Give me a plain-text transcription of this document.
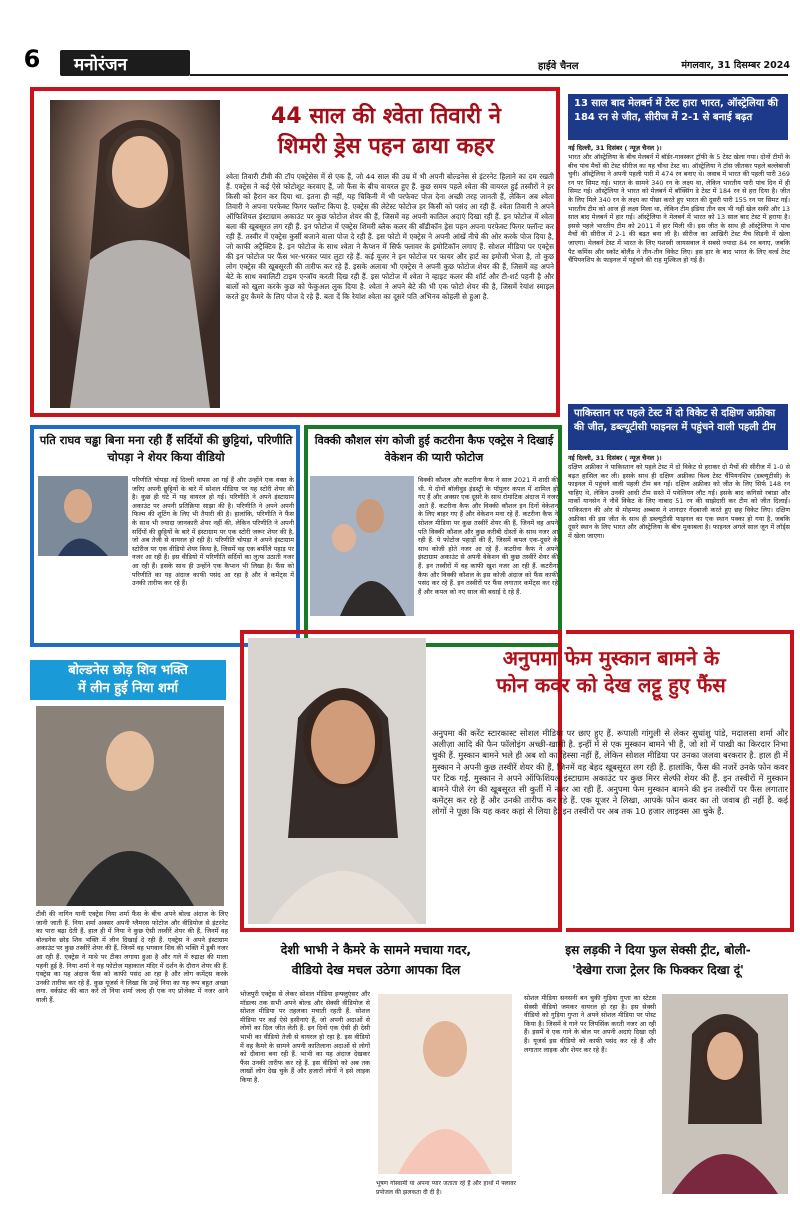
6	मनोरंजन	हाईवे चैनल	मंगलवार, 31 दिसम्बर 2024
44 साल की श्वेता तिवारी ने
शिमरी ड्रेस पहन ढाया कहर
श्वेता तिवारी टीवी की टॉप एक्ट्रेसेस में से एक हैं, जो 44 साल की उम्र में भी अपनी बोल्डनेस से इंटरनेट हिलाने का दम रखती हैं. एक्ट्रेस ने कई ऐसे फोटोशूट करवाए हैं, जो फैंस के बीच वायरल हुए हैं. कुछ समय पहले श्वेता की वायरल हुई तस्वीरों ने हर किसी को हैरान कर दिया था. इतना ही नहीं, यह चिकिनी में भी परफेक्ट पोज देना अच्छी तरह जानती हैं, लेकिन अब श्वेता तिवारी ने अपना परफेक्ट फिगर फ्लॉन्ट किया है. एक्ट्रेस की लेटेस्ट फोटोज हर किसी को पसंद आ रही हैं. श्वेता तिवारी ने अपने ऑफिशियल इंस्टाग्राम अकाउंट पर कुछ फोटोज शेयर की हैं, जिसमें वह अपनी कातिल अदाएं दिखा रही हैं. इन फोटोज में श्वेता बला की खूबसूरत लग रही हैं. इन फोटोज में एक्ट्रेस शिमरी ब्लैक कलर की बॉडीकॉन ड्रेस पहन अपना परफेक्ट फिगर फ्लॉन्ट कर रही हैं. तस्वीर में एक्ट्रेस कुर्सी बजाने वाला पोज दे रही हैं. इस फोटो में एक्ट्रेस ने अपनी आंखें नीचे की ओर करके पोज दिया है, जो काफी अट्रैक्टिव है. इन फोटोज के साथ श्वेता ने कैप्शन में सिर्फ फ्लावर के इमोटिकॉन लगाए हैं. सोशल मीडिया पर एक्ट्रेस की इन फोटोज पर फैंस भर-भरकर प्यार लुटा रहे हैं. कई यूजर ने इन फोटोज पर फायर और हार्ट का इमोजी भेजा है, तो कुछ लोग एक्ट्रेस की खूबसूरती की तारीफ कर रहे हैं. इसके अलावा भी एक्ट्रेस ने अपनी कुछ फोटोज शेयर की हैं, जिसमें वह अपने बेटे के साथ क्वालिटी टाइम एन्जॉय करती दिख रही हैं. इस फोटोज में श्वेता ने व्हाइट कलर की शॉर्ट और टी-शर्ट पहनी है और बालों को खुला करके कुछ को फेकुअल लुक दिया है. श्वेता ने अपने बेटे की भी एक फोटो शेयर की है, जिसमें रेयांश स्माइल करते हुए कैमरे के लिए पोज दे रहे हैं. बता दें कि रेयांश श्वेता का दूसरे पति अभिनव कोहली से हुआ है.
13 साल बाद मेलबर्न में टेस्ट हारा भारत, ऑस्ट्रेलिया की 184 रन से जीत, सीरीज में 2-1 से बनाई बढ़त
नई दिल्ली, 31 दिसंबर ( न्यूज़ चैनल )।
भारत और ऑस्ट्रेलिया के बीच मेलबर्न में बॉर्डर-गावस्कर ट्रॉफी के 5 टेस्ट खेला गया। दोनों टीमों के बीच पांच मैचों की टेस्ट सीरीज का यह चौथा टेस्ट था। ऑस्ट्रेलिया ने टॉस जीतकर पहले बल्लेबाजी चुनी। ऑस्ट्रेलिया ने अपनी पहली पारी में 474 रन बनाए थे। जवाब में भारत की पहली पारी 369 रन पर सिमट गई। भारत के सामने 340 रन के लक्ष्य था, लेकिन भारतीय पारी पांच दिन में ही सिमट गई। ऑस्ट्रेलिया ने भारत को मेलबर्न में बॉक्सिंग डे टेस्ट में 184 रन से हरा दिया है। जीत के लिए मिले 340 रन के लक्ष्य का पीछा करते हुए भारत की दूसरी पारी 155 रन पर सिमट गई। भारतीय टीम को आज ही लक्ष्य मिला था, लेकिन टीम इंडिया तीन सत्र भी नहीं खेल सकी और 13 साल बाद मेलबर्न में हार गई। ऑस्ट्रेलिया ने मेलबर्न में भारत को 13 साल बाद टेस्ट में हराया है। इससे पहले भारतीय टीम को 2011 में हार मिली थी। इस जीत के साथ ही ऑस्ट्रेलिया ने पांच मैचों की सीरीज में 2-1 की बढ़त बना ली है। सीरीज का आखिरी टेस्ट मैच सिडनी में खेला जाएगा। मेलबर्न टेस्ट में भारत के लिए यशस्वी जायसवाल ने सबसे ज्यादा 84 रन बनाए, जबकि पैट कमिंस और स्कॉट बोलैंड ने तीन-तीन विकेट लिए। इस हार के बाद भारत के लिए वर्ल्ड टेस्ट चैंपियनशिप के फाइनल में पहुंचने की राह मुश्किल हो गई है।
पति राघव चड्ढा बिना मना रही हैं सर्दियों की छुट्टियां, परिणीति चोपड़ा ने शेयर किया वीडियो
परिणीति चोपड़ा नई दिल्ली वापस आ गई हैं और उन्होंने एक वक्त के जरिए अपनी छुट्टियों के बारे में सोशल मीडिया पर यह स्टोरी शेयर की है। कुछ ही घंटे में यह वायरल हो गई। परिणीति ने अपने इंस्टाग्राम अकाउंट पर अपनी प्रतिक्रिया साझा की है। परिणीति ने अपने अपनी फिल्म की शूटिंग के लिए भी तैयारी की है। हालांकि, परिणीति ने फैंस के साथ भी ज्यादा जानकारी शेयर नहीं की, लेकिन परिणीति ने अपनी सर्दियों की छुट्टियों के बारे में इंस्टाग्राम पर एक स्टोरी जरूर शेयर की है, जो अब तेजी से वायरल हो रही है। परिणीति चोपड़ा ने अपने इंस्टाग्राम स्टोरीज पर एक वीडियो शेयर किया है, जिसमें वह एक बर्फीले पहाड़ पर नजर आ रही हैं। इस वीडियो में परिणीति सर्दियों का लुत्फ उठाती नजर आ रही हैं। इसके साथ ही उन्होंने एक कैप्शन भी लिखा है। फैंस को परिणीति का यह अंदाज काफी पसंद आ रहा है और वे कमेंट्स में उनकी तारीफ कर रहे हैं।
विक्की कौशल संग कोजी हुई कटरीना कैफ एक्ट्रेस ने दिखाई वेकेशन की प्यारी फोटोज
विक्की कौशल और कटरीना कैफ ने साल 2021 में शादी की थी. ये दोनों बॉलीवुड इंडस्ट्री के पॉपुलर कपल में शामिल हो गए हैं और अक्सर एक दूसरे के साथ रोमांटिक अंदाज में नजर आते हैं. कटरीना कैफ और विक्की कौशल इन दिनों वेकेशन के लिए बाहर गए हैं और वेकेशन मना रहे हैं. कटरीना कैफ ने सोशल मीडिया पर कुछ तस्वीरें शेयर की हैं, जिनमें वह अपने पति विक्की कौशल और कुछ करीबी दोस्तों के साथ नजर आ रही हैं. ये फोटोज पहाड़ों की हैं, जिसमें कपल एक-दूसरे के साथ कोजी होते नजर आ रहे हैं. कटरीना कैफ ने अपने इंस्टाग्राम अकाउंट से अपनी वेकेशन की कुछ तस्वीरें शेयर की हैं. इन तस्वीरों में वह काफी खुश नजर आ रही हैं. कटरीना कैफ और विक्की कौशल के इस कोजी अंदाज को फैंस काफी पसंद कर रहे हैं. इन तस्वीरों पर फैंस लगातार कमेंट्स कर रहे हैं और कपल को नए साल की बधाई दे रहे हैं.
पाकिस्तान पर पहले टेस्ट में दो विकेट से दक्षिण अफ्रीका की जीत, डब्ल्यूटीसी फाइनल में पहुंचने वाली पहली टीम
नई दिल्ली, 31 दिसंबर ( न्यूज़ चैनल )।
दक्षिण अफ्रीका ने पाकिस्तान को पहले टेस्ट में दो विकेट से हराकर दो मैचों की सीरीज में 1-0 से बढ़त हासिल कर ली। इसके साथ ही दक्षिण अफ्रीका विश्व टेस्ट चैंपियनशिप (डब्ल्यूटीसी) के फाइनल में पहुंचने वाली पहली टीम बन गई। दक्षिण अफ्रीका को जीत के लिए सिर्फ 148 रन चाहिए थे, लेकिन उनकी आधी टीम सस्ते में पवेलियन लौट गई। इसके बाद कगिसो रबाडा और मार्को यानसेन ने नौवें विकेट के लिए नाबाद 51 रन की साझेदारी कर टीम को जीत दिलाई। पाकिस्तान की ओर से मोहम्मद अब्बास ने शानदार गेंदबाजी करते हुए छह विकेट लिए। दक्षिण अफ्रीका की इस जीत के साथ ही डब्ल्यूटीसी फाइनल का एक स्थान पक्का हो गया है, जबकि दूसरे स्थान के लिए भारत और ऑस्ट्रेलिया के बीच मुकाबला है। फाइनल अगले साल जून में लॉर्ड्स में खेला जाएगा।
बोल्डनेस छोड़ शिव भक्ति
में लीन हुई निया शर्मा
टीवी की नागिन यानी एक्ट्रेस निया शर्मा फैंस के बीच अपने बोल्ड अंदाज के लिए जानी जाती हैं. निया शर्मा अक्सर अपनी ग्लैमरस फोटोज और वीडियोज से इंटरनेट का पारा बढ़ा देती हैं. हाल ही में निया ने कुछ ऐसी तस्वीरें शेयर की हैं, जिनमें वह बोल्डनेस छोड़ शिव भक्ति में लीन दिखाई दे रही हैं. एक्ट्रेस ने अपने इंस्टाग्राम अकाउंट पर कुछ तस्वीरें शेयर की हैं, जिनमें वह भगवान शिव की भक्ति में डूबी नजर आ रही हैं. एक्ट्रेस ने माथे पर टीका लगाया हुआ है और गले में रुद्राक्ष की माला पहनी हुई है. निया शर्मा ने यह फोटोज महाकाल मंदिर में दर्शन के दौरान शेयर की हैं. एक्ट्रेस का यह अंदाज फैंस को काफी पसंद आ रहा है और लोग कमेंट्स करके उनकी तारीफ कर रहे हैं. कुछ यूजर्स ने लिखा कि उन्हें निया का यह रूप बहुत अच्छा लगा. वर्कफ्रंट की बात करें तो निया शर्मा जल्द ही एक नए प्रोजेक्ट में नजर आने वाली हैं.
अनुपमा फेम मुस्कान बामने के
फोन कवर को देख लट्टू हुए फैंस
अनुपमा की करेंट स्टारकास्ट सोशल मीडिया पर छाए हुए हैं. रूपाली गांगुली से लेकर सुधांशु पांडे, मदालसा शर्मा और अलीज़ा आदि की फैन फॉलोइंग अच्छी-खासी है. इन्हीं में से एक मुस्कान बामने भी हैं, जो शो में पाखी का किरदार निभा चुकी हैं. मुस्कान बामने भले ही अब शो का हिस्सा नहीं हैं, लेकिन सोशल मीडिया पर उनका जलवा बरकरार है. हाल ही में मुस्कान ने अपनी कुछ तस्वीरें शेयर की हैं, जिनमें वह बेहद खूबसूरत लग रही हैं. हालांकि, फैंस की नजरें उनके फोन कवर पर टिक गईं. मुस्कान ने अपने ऑफिशियल इंस्टाग्राम अकाउंट पर कुछ मिरर सेल्फी शेयर की हैं. इन तस्वीरों में मुस्कान बामने पीले रंग की खूबसूरत सी कुर्ती में नजर आ रही हैं. अनुपमा फेम मुस्कान बामने की इन तस्वीरों पर फैंस लगातार कमेंट्स कर रहे हैं और उनकी तारीफ कर रहे हैं. एक यूजर ने लिखा, आपके फोन कवर का तो जवाब ही नहीं है. कई लोगों ने पूछा कि यह कवर कहां से लिया है. इन तस्वीरों पर अब तक 10 हजार लाइक्स आ चुके हैं.
देशी भाभी ने कैमरे के सामने मचाया गदर,
वीडियो देख मचल उठेगा आपका दिल
भोजपुरी एक्ट्रेस से लेकर सोशल मीडिया इन्फ्लुएंसर और मॉडल्स तक सभी अपने बोल्ड और सेक्सी वीडियोज से सोशल मीडिया पर तहलका मचाती रहती हैं. सोशल मीडिया पर कई ऐसे हसीनाएं हैं, जो अपनी अदाओं से लोगों का दिल जीत लेती हैं. इन दिनों एक ऐसी ही देसी भाभी का वीडियो तेजी से वायरल हो रहा है. इस वीडियो में वह कैमरे के सामने अपनी कातिलाना अदाओं से लोगों को दीवाना बना रही हैं. भाभी का यह अंदाज देखकर फैंस उनकी तारीफ कर रहे हैं. इस वीडियो को अब तक लाखों लोग देख चुके हैं और हजारों लोगों ने इसे लाइक किया है.
भूषण गोस्वामी या अपना प्यार जताता रहे हैं और हाथों में फ्लावर प्रपोजल की झलकता दी दी है।
इस लड़की ने दिया फुल सेक्सी ट्रीट, बोली-
'देखेगा राजा ट्रेलर कि फिक्कर दिखा दूं'
सोशल मीडिया सनसनी बन चुकी गुड़िया गुप्ता का स्टेटस सेक्सी वीडियो जमकर वायरल हो रहा है। इस सेक्सी वीडियो को गुड़िया गुप्ता ने अपने सोशल मीडिया पर पोस्ट किया है। जिसमें वे गाने पर लिपसिंक करती नजर आ रही हैं। इसमें वे एक गाने के बोल पर अपनी अदाएं दिखा रही हैं। यूजर्स इस वीडियो को काफी पसंद कर रहे हैं और लगातार लाइक और शेयर कर रहे हैं।
